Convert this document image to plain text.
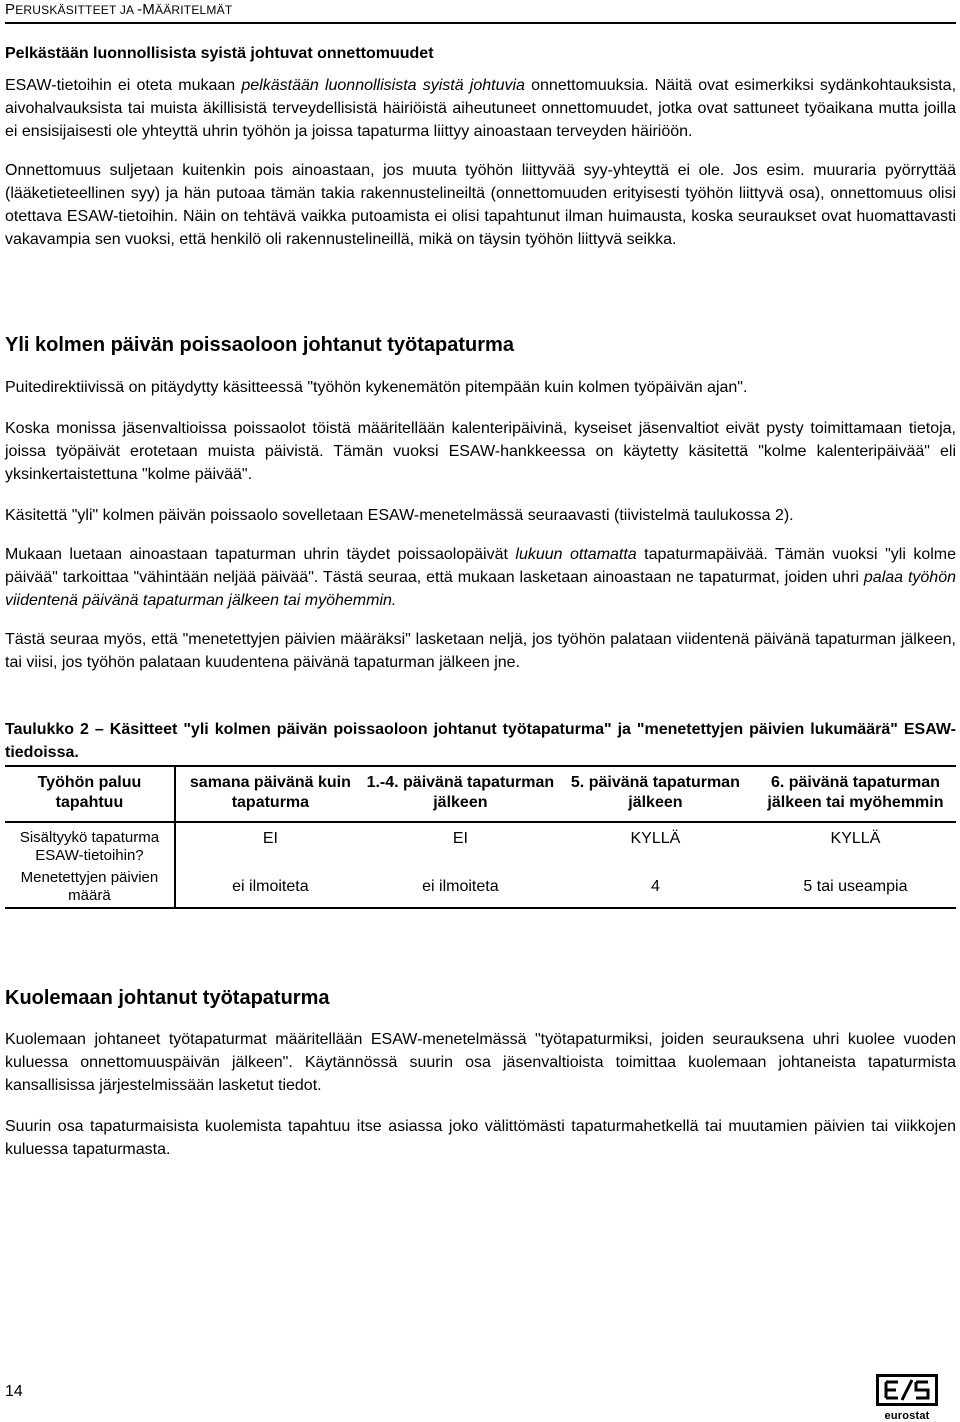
PERUSKÄSITTEET JA -MÄÄRITELMÄT
Pelkästään luonnollisista syistä johtuvat onnettomuudet

ESAW-tietoihin ei oteta mukaan pelkästään luonnollisista syistä johtuvia onnettomuuksia. Näitä ovat esimerkiksi sydänkohtauksista, aivohalvauksista tai muista äkillisistä terveydellisistä häiriöistä aiheutuneet onnettomuudet, jotka ovat sattuneet työaikana mutta joilla ei ensisijaisesti ole yhteyttä uhrin työhön ja joissa tapaturma liittyy ainoastaan terveyden häiriöön.

Onnettomuus suljetaan kuitenkin pois ainoastaan, jos muuta työhön liittyvää syy-yhteyttä ei ole. Jos esim. muuraria pyörryttää (lääketieteellinen syy) ja hän putoaa tämän takia rakennustelineiltä (onnettomuuden erityisesti työhön liittyvä osa), onnettomuus olisi otettava ESAW-tietoihin. Näin on tehtävä vaikka putoamista ei olisi tapahtunut ilman huimausta, koska seuraukset ovat huomattavasti vakavampia sen vuoksi, että henkilö oli rakennustelineillä, mikä on täysin työhön liittyvä seikka.

Yli kolmen päivän poissaoloon johtanut työtapaturma

Puitedirektiivissä on pitäydytty käsitteessä "työhön kykenemätön pitempään kuin kolmen työpäivän ajan".

Koska monissa jäsenvaltioissa poissaolot töistä määritellään kalenteripäivinä, kyseiset jäsenvaltiot eivät pysty toimittamaan tietoja, joissa työpäivät erotetaan muista päivistä. Tämän vuoksi ESAW-hankkeessa on käytetty käsitettä "kolme kalenteripäivää" eli yksinkertaistettuna "kolme päivää".

Käsitettä "yli" kolmen päivän poissaolo sovelletaan ESAW-menetelmässä seuraavasti (tiivistelmä taulukossa 2).

Mukaan luetaan ainoastaan tapaturman uhrin täydet poissaolopäivät lukuun ottamatta tapaturmapäivää. Tämän vuoksi "yli kolme päivää" tarkoittaa "vähintään neljää päivää". Tästä seuraa, että mukaan lasketaan ainoastaan ne tapaturmat, joiden uhri palaa työhön viidentenä päivänä tapaturman jälkeen tai myöhemmin.

Tästä seuraa myös, että "menetettyjen päivien määräksi" lasketaan neljä, jos työhön palataan viidentenä päivänä tapaturman jälkeen, tai viisi, jos työhön palataan kuudentena päivänä tapaturman jälkeen jne.

Taulukko 2 – Käsitteet "yli kolmen päivän poissaoloon johtanut työtapaturma" ja "menetettyjen päivien lukumäärä" ESAW-tiedoissa.
Työhön paluu tapahtuu	samana päivänä kuin tapaturma	1.-4. päivänä tapaturman jälkeen	5. päivänä tapaturman jälkeen	6. päivänä tapaturman jälkeen tai myöhemmin
Sisältyykö tapaturma ESAW-tietoihin?	EI	EI	KYLLÄ	KYLLÄ
Menetettyjen päivien määrä	ei ilmoiteta	ei ilmoiteta	4	5 tai useampia
Kuolemaan johtanut työtapaturma

Kuolemaan johtaneet työtapaturmat määritellään ESAW-menetelmässä "työtapaturmiksi, joiden seurauksena uhri kuolee vuoden kuluessa onnettomuuspäivän jälkeen". Käytännössä suurin osa jäsenvaltioista toimittaa kuolemaan johtaneista tapaturmista kansallisissa järjestelmissään lasketut tiedot.

Suurin osa tapaturmaisista kuolemista tapahtuu itse asiassa joko välittömästi tapaturmahetkellä tai muutamien päivien tai viikkojen kuluessa tapaturmasta.

14
eurostat
